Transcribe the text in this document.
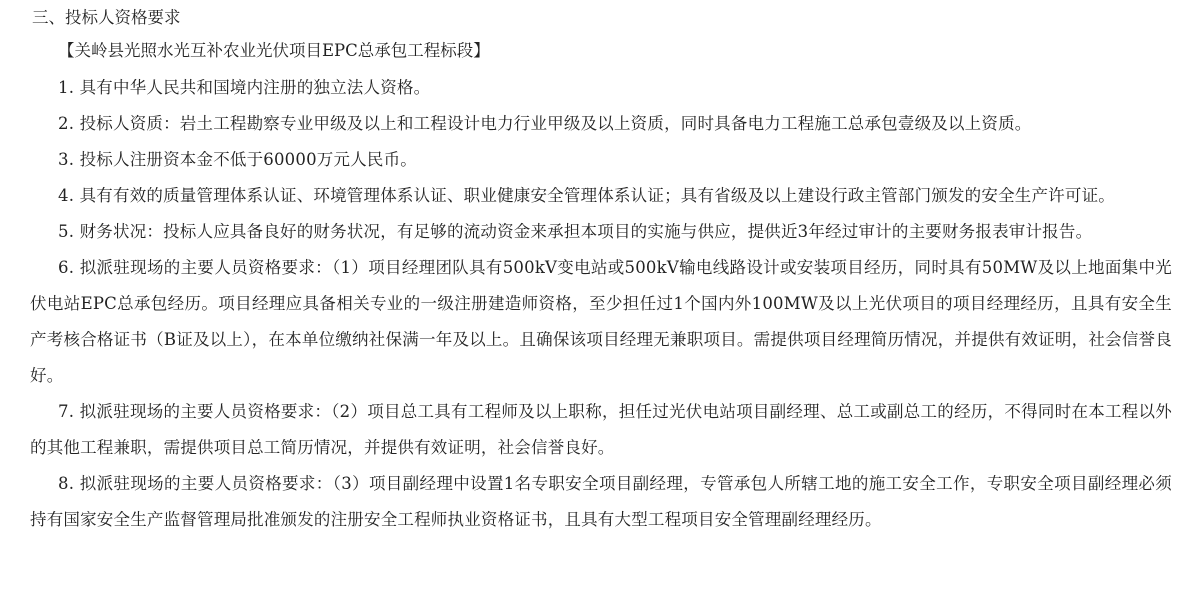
三、投标人资格要求
【关岭县光照水光互补农业光伏项目EPC总承包工程标段】

1. 具有中华人民共和国境内注册的独立法人资格。

2. 投标人资质：岩土工程勘察专业甲级及以上和工程设计电力行业甲级及以上资质，同时具备电力工程施工总承包壹级及以上资质。

3. 投标人注册资本金不低于60000万元人民币。

4. 具有有效的质量管理体系认证、环境管理体系认证、职业健康安全管理体系认证；具有省级及以上建设行政主管部门颁发的安全生产许可证。

5. 财务状况：投标人应具备良好的财务状况，有足够的流动资金来承担本项目的实施与供应，提供近3年经过审计的主要财务报表审计报告。

6. 拟派驻现场的主要人员资格要求：（1）项目经理团队具有500kV变电站或500kV输电线路设计或安装项目经历，同时具有50MW及以上地面集中光伏电站EPC总承包经历。项目经理应具备相关专业的一级注册建造师资格，至少担任过1个国内外100MW及以上光伏项目的项目经理经历，且具有安全生产考核合格证书（B证及以上），在本单位缴纳社保满一年及以上。且确保该项目经理无兼职项目。需提供项目经理简历情况，并提供有效证明，社会信誉良好。

7. 拟派驻现场的主要人员资格要求：（2）项目总工具有工程师及以上职称，担任过光伏电站项目副经理、总工或副总工的经历，不得同时在本工程以外的其他工程兼职，需提供项目总工简历情况，并提供有效证明，社会信誉良好。

8. 拟派驻现场的主要人员资格要求：（3）项目副经理中设置1名专职安全项目副经理，专管承包人所辖工地的施工安全工作，专职安全项目副经理必须持有国家安全生产监督管理局批准颁发的注册安全工程师执业资格证书，且具有大型工程项目安全管理副经理经历。
